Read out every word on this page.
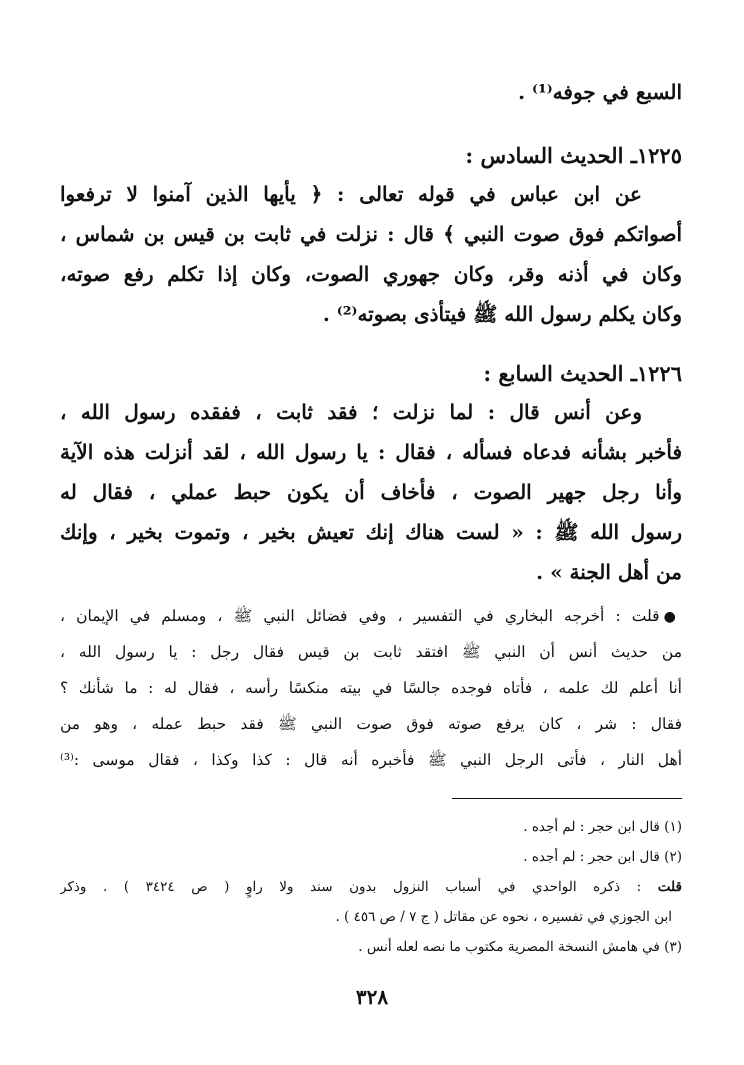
السبع في جوفه⁽¹⁾ .

١٢٢٥ـ الحديث السادس :

عن ابن عباس في قوله تعالى : ﴿ يأيها الذين آمنوا لا ترفعوا

أصواتكم فوق صوت النبي ﴾ قال : نزلت في ثابت بن قيس بن شماس ،

وكان في أذنه وقر، وكان جهوري الصوت، وكان إذا تكلم رفع صوته،

وكان يكلم رسول الله ﷺ فيتأذى بصوته⁽²⁾ .

١٢٢٦ـ الحديث السابع :

وعن أنس قال : لما نزلت ؛ فقد ثابت ، ففقده رسول الله ،

فأخبر بشأنه فدعاه فسأله ، فقال : يا رسول الله ، لقد أنزلت هذه الآية

وأنا رجل جهير الصوت ، فأخاف أن يكون حبط عملي ، فقال له

رسول الله ﷺ : « لست هناك إنك تعيش بخير ، وتموت بخير ، وإنك

من أهل الجنة » .

●قلت : أخرجه البخاري في التفسير ، وفي فضائل النبي ﷺ ، ومسلم في الإيمان ،

من حديث أنس أن النبي ﷺ افتقد ثابت بن قيس فقال رجل : يا رسول الله ،

أنا أعلم لك علمه ، فأتاه فوجده جالسًا في بيته منكسًا رأسه ، فقال له : ما شأنك ؟

فقال : شر ، كان يرفع صوته فوق صوت النبي ﷺ فقد حبط عمله ، وهو من

أهل النار ، فأتى الرجل النبي ﷺ فأخبره أنه قال : كذا وكذا ، فقال موسى :⁽³⁾

(١) قال ابن حجر : لم أجده .

(٢) قال ابن حجر : لم أجده .

قلت : ذكره الواحدي في أسباب النزول بدون سند ولا راوٍ ( ص ٣٤٢٤ ) . وذكر

ابن الجوزي في تفسيره ، نحوه عن مقاتل ( ج ٧ / ص ٤٥٦ ) .

(٣) في هامش النسخة المصرية مكتوب ما نصه لعله أنس .

٣٢٨
